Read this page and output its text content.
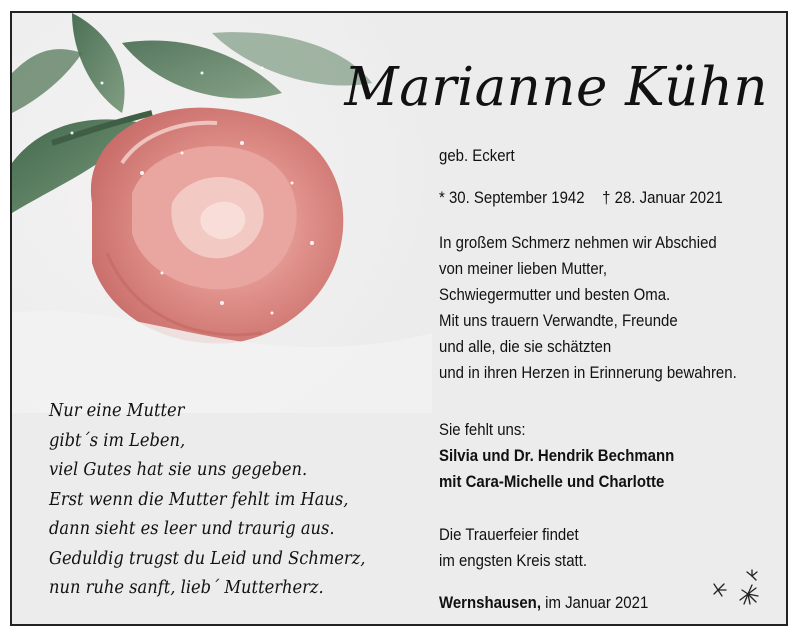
Marianne Kühn
geb. Eckert
* 30. September 1942 † 28. Januar 2021
In großem Schmerz nehmen wir Abschied
von meiner lieben Mutter,
Schwiegermutter und besten Oma.
Mit uns trauern Verwandte, Freunde
und alle, die sie schätzten
und in ihren Herzen in Erinnerung bewahren.
Sie fehlt uns:
Silvia und Dr. Hendrik Bechmann
mit Cara-Michelle und Charlotte
Die Trauerfeier findet
im engsten Kreis statt.
Wernshausen, im Januar 2021
Nur eine Mutter
gibt´s im Leben,
viel Gutes hat sie uns gegeben.
Erst wenn die Mutter fehlt im Haus,
dann sieht es leer und traurig aus.
Geduldig trugst du Leid und Schmerz,
nun ruhe sanft, lieb´ Mutterherz.
